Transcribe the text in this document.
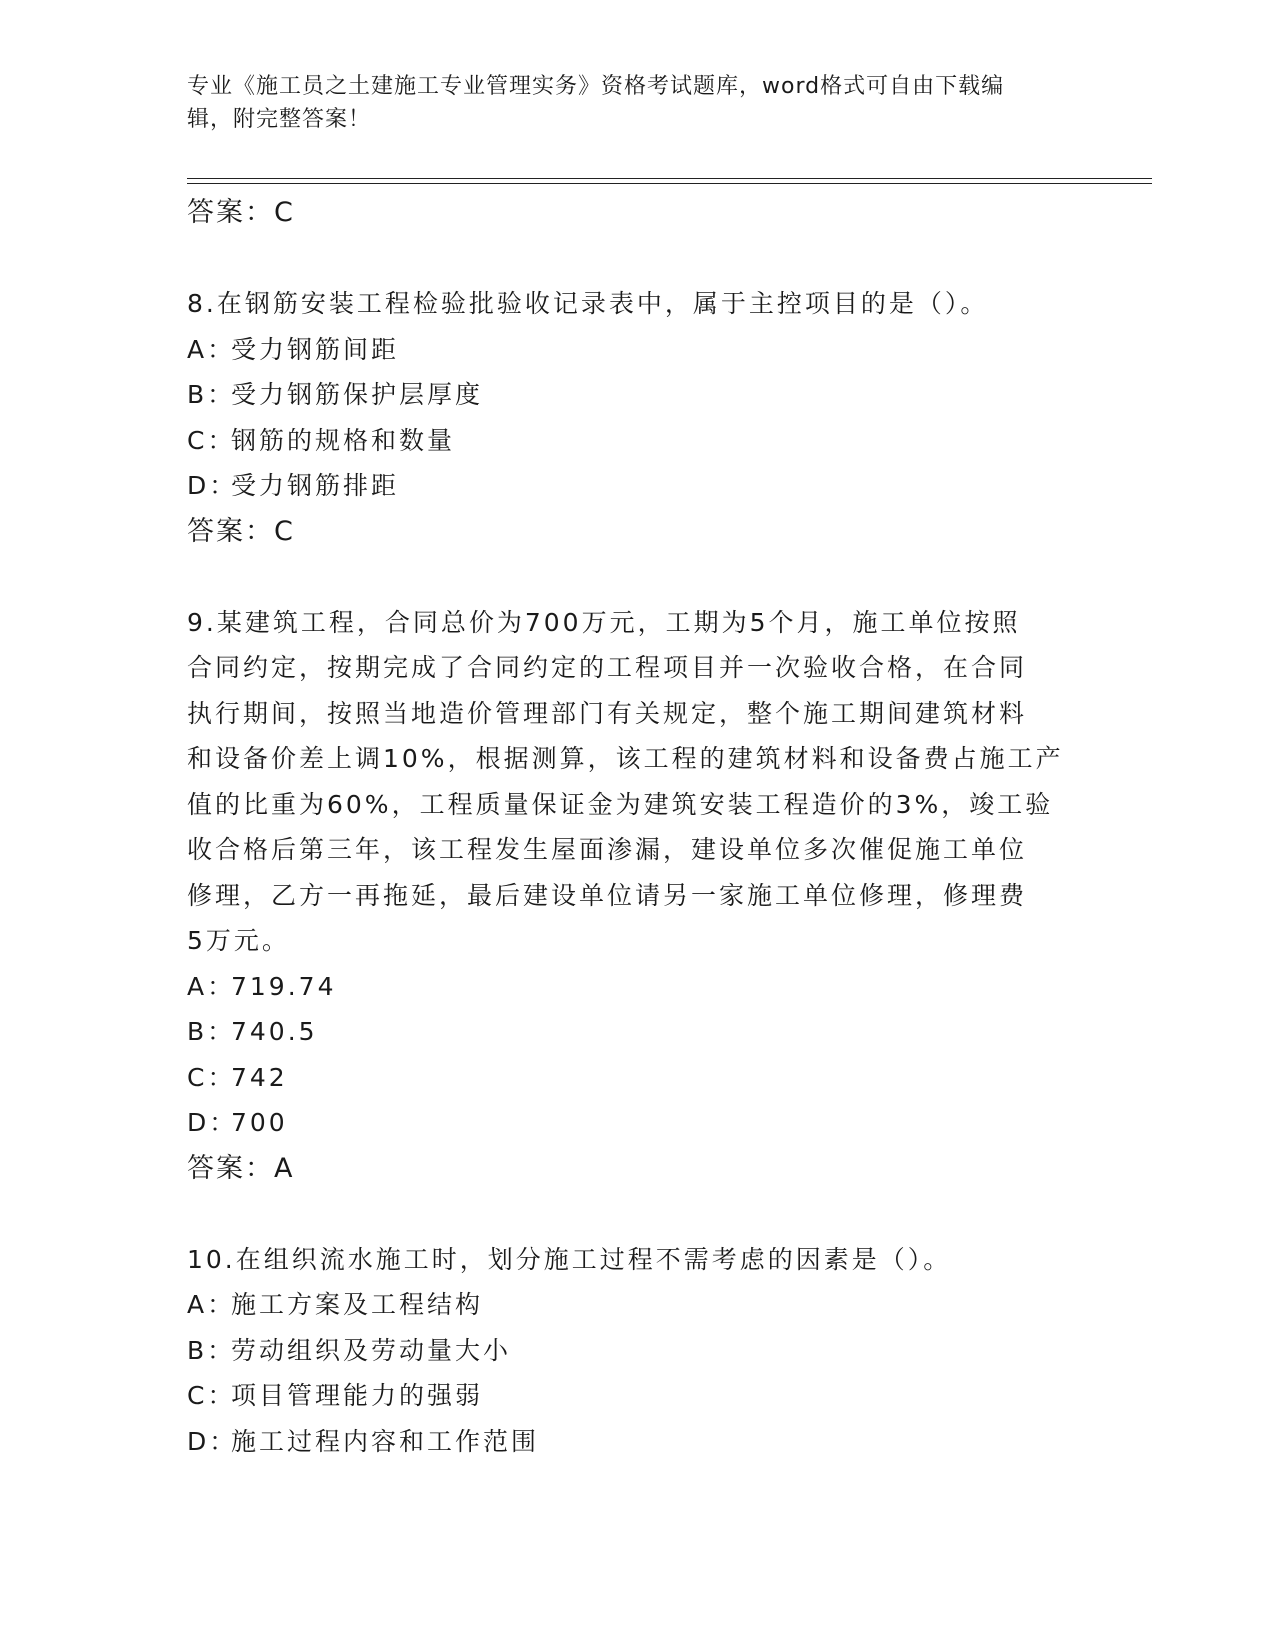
专业《施工员之土建施工专业管理实务》资格考试题库，word格式可自由下载编
辑，附完整答案！
答案：C
8.在钢筋安装工程检验批验收记录表中，属于主控项目的是（）。
A：受力钢筋间距
B：受力钢筋保护层厚度
C：钢筋的规格和数量
D：受力钢筋排距
答案：C
9.某建筑工程，合同总价为700万元，工期为5个月，施工单位按照
合同约定，按期完成了合同约定的工程项目并一次验收合格，在合同
执行期间，按照当地造价管理部门有关规定，整个施工期间建筑材料
和设备价差上调10%，根据测算，该工程的建筑材料和设备费占施工产
值的比重为60%，工程质量保证金为建筑安装工程造价的3%，竣工验
收合格后第三年，该工程发生屋面渗漏，建设单位多次催促施工单位
修理，乙方一再拖延，最后建设单位请另一家施工单位修理，修理费
5万元。
A：719.74
B：740.5
C：742
D：700
答案：A
10.在组织流水施工时，划分施工过程不需考虑的因素是（）。
A：施工方案及工程结构
B：劳动组织及劳动量大小
C：项目管理能力的强弱
D：施工过程内容和工作范围
